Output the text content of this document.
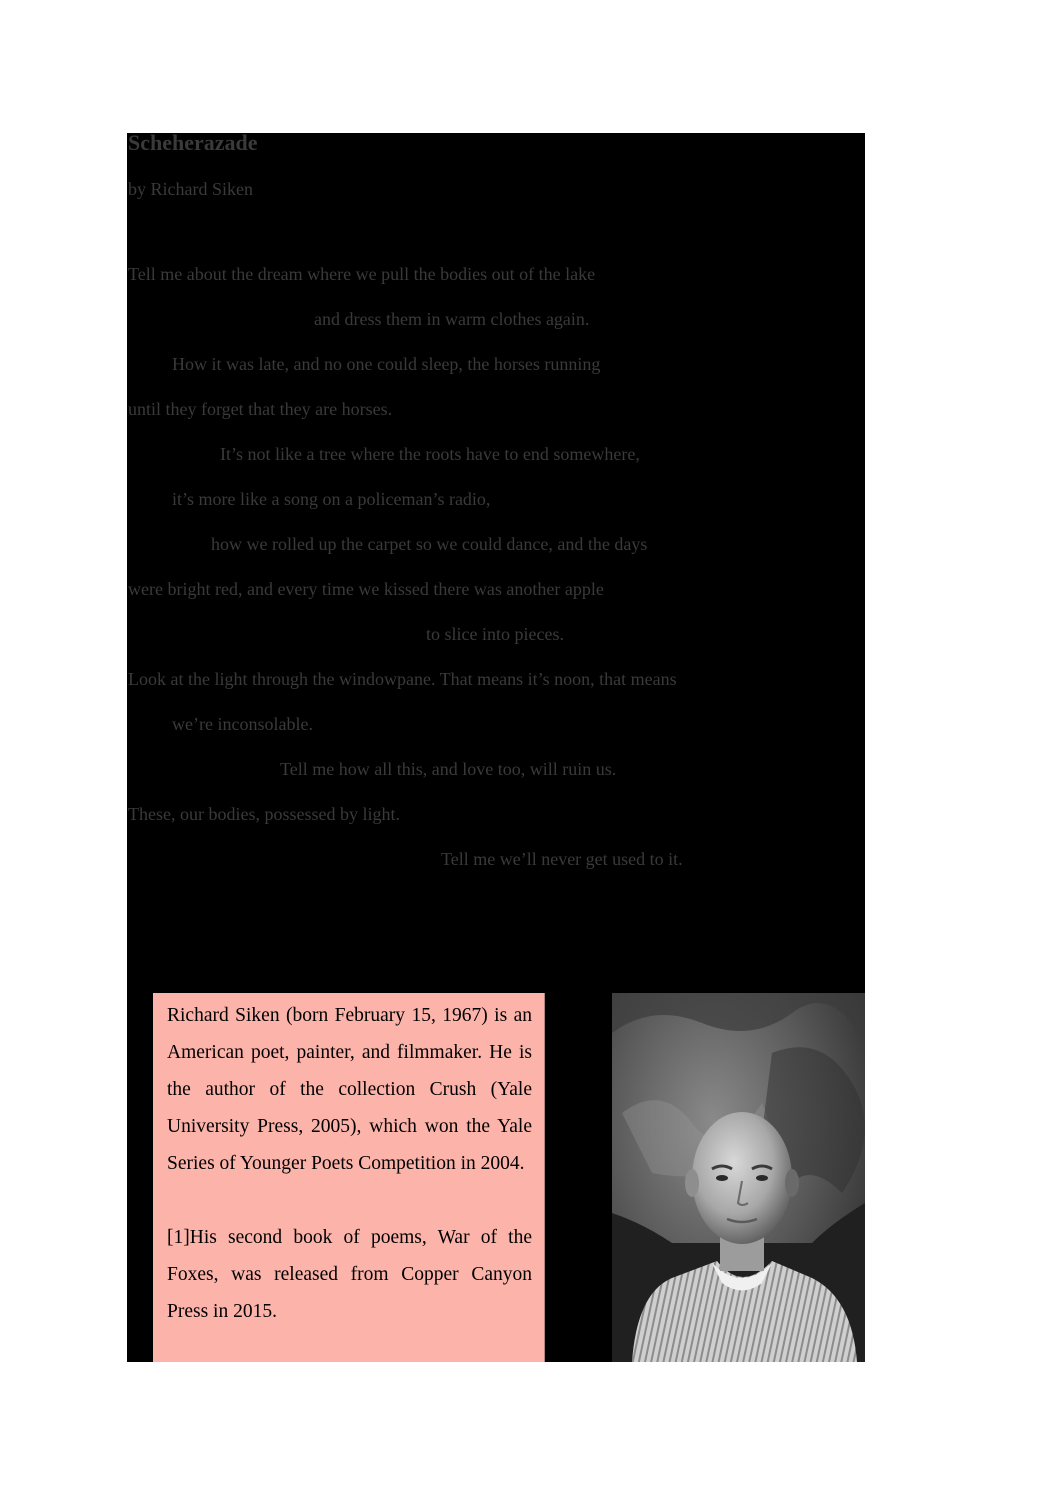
Scheherazade
by Richard Siken
Tell me about the dream where we pull the bodies out of the lake
and dress them in warm clothes again.
How it was late, and no one could sleep, the horses running
until they forget that they are horses.
It’s not like a tree where the roots have to end somewhere,
it’s more like a song on a policeman’s radio,
how we rolled up the carpet so we could dance, and the days
were bright red, and every time we kissed there was another apple
to slice into pieces.
Look at the light through the windowpane. That means it’s noon, that means
we’re inconsolable.
Tell me how all this, and love too, will ruin us.
These, our bodies, possessed by light.
Tell me we’ll never get used to it.
Richard Siken (born February 15, 1967) is an American poet, painter, and filmmaker. He is the author of the collection Crush (Yale University Press, 2005), which won the Yale Series of Younger Poets Competition in 2004.
[1]His second book of poems, War of the Foxes, was released from Copper Canyon Press in 2015.
